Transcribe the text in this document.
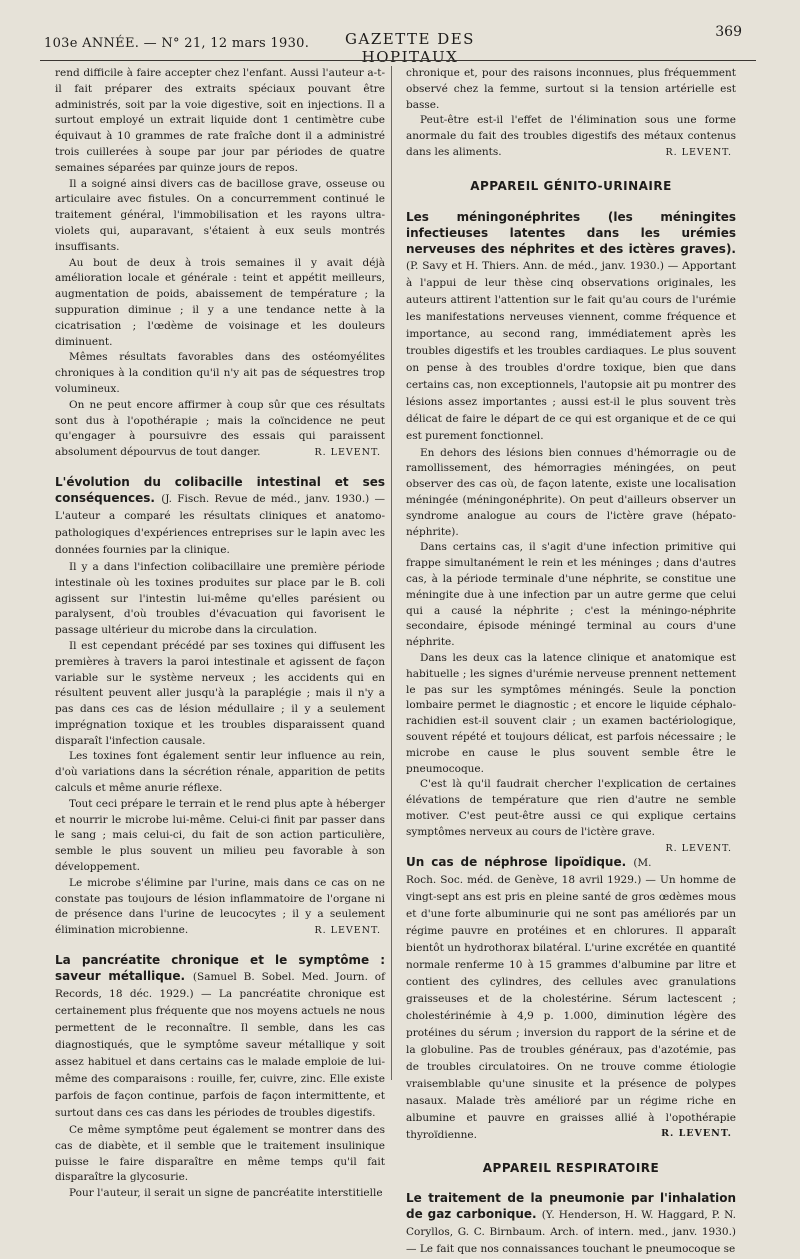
103e ANNÉE. — N° 21, 12 mars 1930.	GAZETTE DES HOPITAUX
369

rend difficile à faire accepter chez l'enfant. Aussi l'auteur a-t-il fait préparer des extraits spéciaux pouvant être administrés, soit par la voie digestive, soit en injections. Il a surtout employé un extrait liquide dont 1 centimètre cube équivaut à 10 grammes de rate fraîche dont il a administré trois cuillerées à soupe par jour par périodes de quatre semaines séparées par quinze jours de repos.

Il a soigné ainsi divers cas de bacillose grave, osseuse ou articulaire avec fistules. On a concurremment continué le traitement général, l'immobilisation et les rayons ultra-violets qui, auparavant, s'étaient à eux seuls montrés insuffisants.

Au bout de deux à trois semaines il y avait déjà amélioration locale et générale : teint et appétit meilleurs, augmentation de poids, abaissement de température ; la suppuration diminue ; il y a une tendance nette à la cicatrisation ; l'œdème de voisinage et les douleurs diminuent.

Mêmes résultats favorables dans des ostéomyélites chroniques à la condition qu'il n'y ait pas de séquestres trop volumineux.

On ne peut encore affirmer à coup sûr que ces résultats sont dus à l'opothérapie ; mais la coïncidence ne peut qu'engager à poursuivre des essais qui paraissent absolument dépourvus de tout danger.	R. LEVENT.

L'évolution du colibacille intestinal et ses conséquences. (J. Fisch. Revue de méd., janv. 1930.) — L'auteur a comparé les résultats cliniques et anatomo-pathologiques d'expériences entreprises sur le lapin avec les données fournies par la clinique.

Il y a dans l'infection colibacillaire une première période intestinale où les toxines produites sur place par le B. coli agissent sur l'intestin lui-même qu'elles parésient ou paralysent, d'où troubles d'évacuation qui favorisent le passage ultérieur du microbe dans la circulation.

Il est cependant précédé par ses toxines qui diffusent les premières à travers la paroi intestinale et agissent de façon variable sur le système nerveux ; les accidents qui en résultent peuvent aller jusqu'à la paraplégie ; mais il n'y a pas dans ces cas de lésion médullaire ; il y a seulement imprégnation toxique et les troubles disparaissent quand disparaît l'infection causale.

Les toxines font également sentir leur influence au rein, d'où variations dans la sécrétion rénale, apparition de petits calculs et même anurie réflexe.

Tout ceci prépare le terrain et le rend plus apte à héberger et nourrir le microbe lui-même. Celui-ci finit par passer dans le sang ; mais celui-ci, du fait de son action particulière, semble le plus souvent un milieu peu favorable à son développement.

Le microbe s'élimine par l'urine, mais dans ce cas on ne constate pas toujours de lésion inflammatoire de l'organe ni de présence dans l'urine de leucocytes ; il y a seulement élimination microbienne.	R. LEVENT.

La pancréatite chronique et le symptôme : saveur métallique. (Samuel B. Sobel. Med. Journ. of Records, 18 déc. 1929.) — La pancréatite chronique est certainement plus fréquente que nos moyens actuels ne nous permettent de le reconnaître. Il semble, dans les cas diagnostiqués, que le symptôme saveur métallique y soit assez habituel et dans certains cas le malade emploie de lui-même des comparaisons : rouille, fer, cuivre, zinc. Elle existe parfois de façon continue, parfois de façon intermittente, et surtout dans ces cas dans les périodes de troubles digestifs.

Ce même symptôme peut également se montrer dans des cas de diabète, et il semble que le traitement insulinique puisse le faire disparaître en même temps qu'il fait disparaître la glycosurie.

Pour l'auteur, il serait un signe de pancréatite interstitielle

chronique et, pour des raisons inconnues, plus fréquemment observé chez la femme, surtout si la tension artérielle est basse.

Peut-être est-il l'effet de l'élimination sous une forme anormale du fait des troubles digestifs des métaux contenus dans les aliments.	R. LEVENT.

APPAREIL GÉNITO-URINAIRE
Les méningonéphrites (les méningites infectieuses latentes dans les urémies nerveuses des néphrites et des ictères graves). (P. Savy et H. Thiers. Ann. de méd., janv. 1930.) — Apportant à l'appui de leur thèse cinq observations originales, les auteurs attirent l'attention sur le fait qu'au cours de l'urémie les manifestations nerveuses viennent, comme fréquence et importance, au second rang, immédiatement après les troubles digestifs et les troubles cardiaques. Le plus souvent on pense à des troubles d'ordre toxique, bien que dans certains cas, non exceptionnels, l'autopsie ait pu montrer des lésions assez importantes ; aussi est-il le plus souvent très délicat de faire le départ de ce qui est organique et de ce qui est purement fonctionnel.

En dehors des lésions bien connues d'hémorragie ou de ramollissement, des hémorragies méningées, on peut observer des cas où, de façon latente, existe une localisation méningée (méningonéphrite). On peut d'ailleurs observer un syndrome analogue au cours de l'ictère grave (hépato-néphrite).

Dans certains cas, il s'agit d'une infection primitive qui frappe simultanément le rein et les méninges ; dans d'autres cas, à la période terminale d'une néphrite, se constitue une méningite due à une infection par un autre germe que celui qui a causé la néphrite ; c'est la méningo-néphrite secondaire, épisode méningé terminal au cours d'une néphrite.

Dans les deux cas la latence clinique et anatomique est habituelle ; les signes d'urémie nerveuse prennent nettement le pas sur les symptômes méningés. Seule la ponction lombaire permet le diagnostic ; et encore le liquide céphalo-rachidien est-il souvent clair ; un examen bactériologique, souvent répété et toujours délicat, est parfois nécessaire ; le microbe en cause le plus souvent semble être le pneumocoque.

C'est là qu'il faudrait chercher l'explication de certaines élévations de température que rien d'autre ne semble motiver. C'est peut-être aussi ce qui explique certains symptômes nerveux au cours de l'ictère grave.
R. LEVENT.

Un cas de néphrose lipoïdique. (M. Roch. Soc. méd. de Genève, 18 avril 1929.) — Un homme de vingt-sept ans est pris en pleine santé de gros œdèmes mous et d'une forte albuminurie qui ne sont pas améliorés par un régime pauvre en protéines et en chlorures. Il apparaît bientôt un hydrothorax bilatéral. L'urine excrétée en quantité normale renferme 10 à 15 grammes d'albumine par litre et contient des cylindres, des cellules avec granulations graisseuses et de la cholestérine. Sérum lactescent ; cholestérinémie à 4,9 p. 1.000, diminution légère des protéines du sérum ; inversion du rapport de la sérine et de la globuline. Pas de troubles généraux, pas d'azotémie, pas de troubles circulatoires. On ne trouve comme étiologie vraisemblable qu'une sinusite et la présence de polypes nasaux. Malade très amélioré par un régime riche en albumine et pauvre en graisses allié à l'opothérapie thyroïdienne.	R. LEVENT.
APPAREIL RESPIRATOIRE
Le traitement de la pneumonie par l'inhalation de gaz carbonique. (Y. Henderson, H. W. Haggard, P. N. Coryllos, G. C. Birnbaum. Arch. of intern. med., janv. 1930.) — Le fait que nos connaissances touchant le pneumocoque se
